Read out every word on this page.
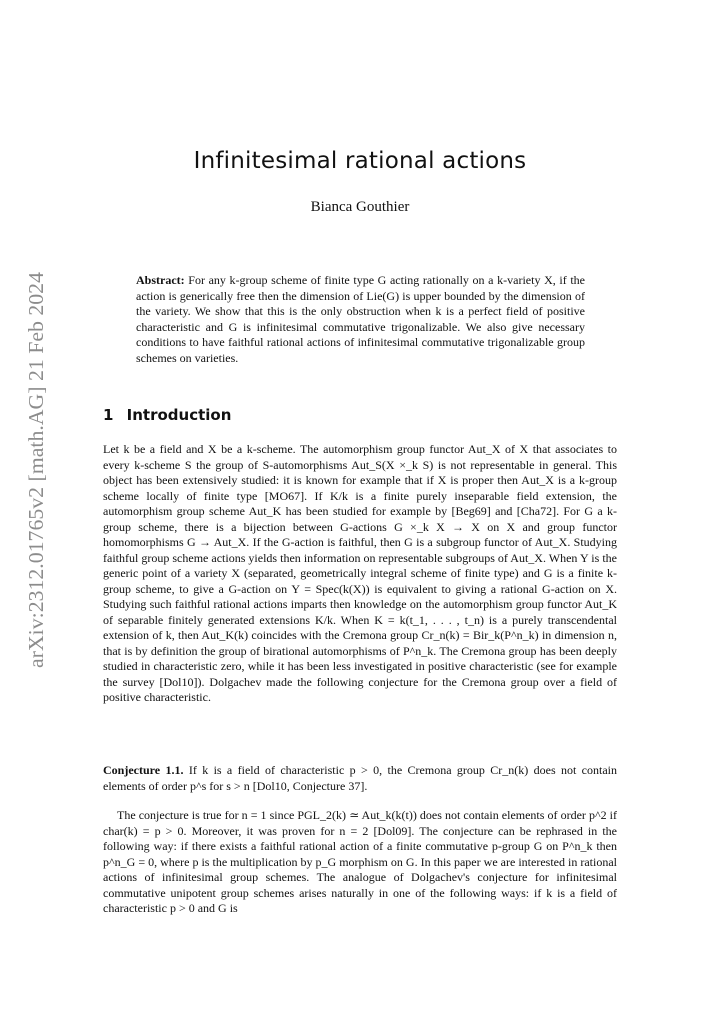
arXiv:2312.01765v2 [math.AG] 21 Feb 2024
Infinitesimal rational actions
Bianca Gouthier
Abstract: For any k-group scheme of finite type G acting rationally on a k-variety X, if the action is generically free then the dimension of Lie(G) is upper bounded by the dimension of the variety. We show that this is the only obstruction when k is a perfect field of positive characteristic and G is infinitesimal commutative trigonalizable. We also give necessary conditions to have faithful rational actions of infinitesimal commutative trigonalizable group schemes on varieties.
1 Introduction

Let k be a field and X be a k-scheme. The automorphism group functor Aut_X of X that associates to every k-scheme S the group of S-automorphisms Aut_S(X ×_k S) is not representable in general. This object has been extensively studied: it is known for example that if X is proper then Aut_X is a k-group scheme locally of finite type [MO67]. If K/k is a finite purely inseparable field extension, the automorphism group scheme Aut_K has been studied for example by [Beg69] and [Cha72]. For G a k-group scheme, there is a bijection between G-actions G ×_k X → X on X and group functor homomorphisms G → Aut_X. If the G-action is faithful, then G is a subgroup functor of Aut_X. Studying faithful group scheme actions yields then information on representable subgroups of Aut_X. When Y is the generic point of a variety X (separated, geometrically integral scheme of finite type) and G is a finite k-group scheme, to give a G-action on Y = Spec(k(X)) is equivalent to giving a rational G-action on X. Studying such faithful rational actions imparts then knowledge on the automorphism group functor Aut_K of separable finitely generated extensions K/k. When K = k(t_1, . . . , t_n) is a purely transcendental extension of k, then Aut_K(k) coincides with the Cremona group Cr_n(k) = Bir_k(P^n_k) in dimension n, that is by definition the group of birational automorphisms of P^n_k. The Cremona group has been deeply studied in characteristic zero, while it has been less investigated in positive characteristic (see for example the survey [Dol10]). Dolgachev made the following conjecture for the Cremona group over a field of positive characteristic.

Conjecture 1.1. If k is a field of characteristic p > 0, the Cremona group Cr_n(k) does not contain elements of order p^s for s > n [Dol10, Conjecture 37].

The conjecture is true for n = 1 since PGL_2(k) ≃ Aut_k(k(t)) does not contain elements of order p^2 if char(k) = p > 0. Moreover, it was proven for n = 2 [Dol09]. The conjecture can be rephrased in the following way: if there exists a faithful rational action of a finite commutative p-group G on P^n_k then p^n_G = 0, where p is the multiplication by p_G morphism on G. In this paper we are interested in rational actions of infinitesimal group schemes. The analogue of Dolgachev's conjecture for infinitesimal commutative unipotent group schemes arises naturally in one of the following ways: if k is a field of characteristic p > 0 and G is
